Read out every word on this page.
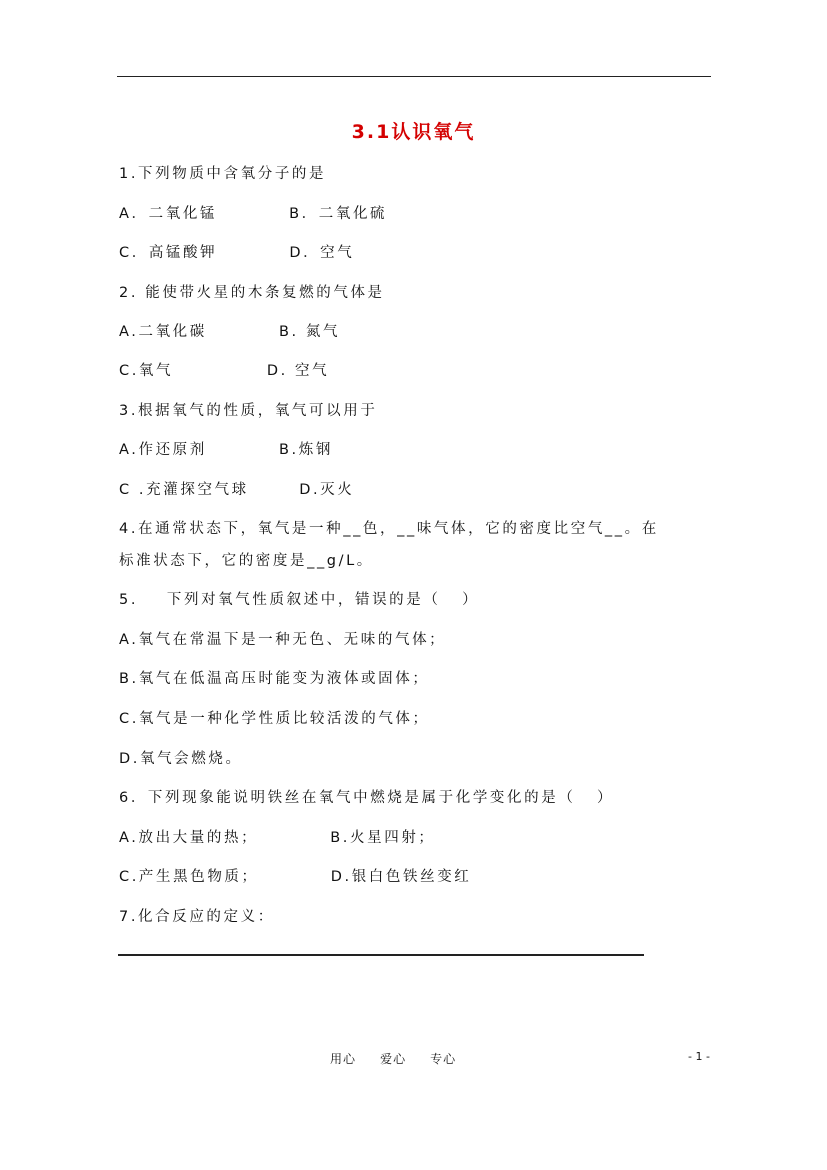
3.1认识氧气
1.下列物质中含氧分子的是
A．二氧化锰          B．二氧化硫
C．高锰酸钾          D．空气
2. 能使带火星的木条复燃的气体是
A.二氧化碳          B. 氮气
C.氧气             D. 空气
3.根据氧气的性质，氧气可以用于
A.作还原剂          B.炼钢
C .充灌探空气球       D.灭火
4.在通常状态下，氧气是一种__色，__味气体，它的密度比空气__。在
标准状态下，它的密度是__g/L。
5.    下列对氧气性质叙述中，错误的是（   ）
A.氧气在常温下是一种无色、无味的气体；
B.氧气在低温高压时能变为液体或固体；
C.氧气是一种化学性质比较活泼的气体；
D.氧气会燃烧。
6．下列现象能说明铁丝在氧气中燃烧是属于化学变化的是（   ）
A.放出大量的热；          B.火星四射；
C.产生黑色物质；          D.银白色铁丝变红
7.化合反应的定义：
用心     爱心     专心	- 1 -
